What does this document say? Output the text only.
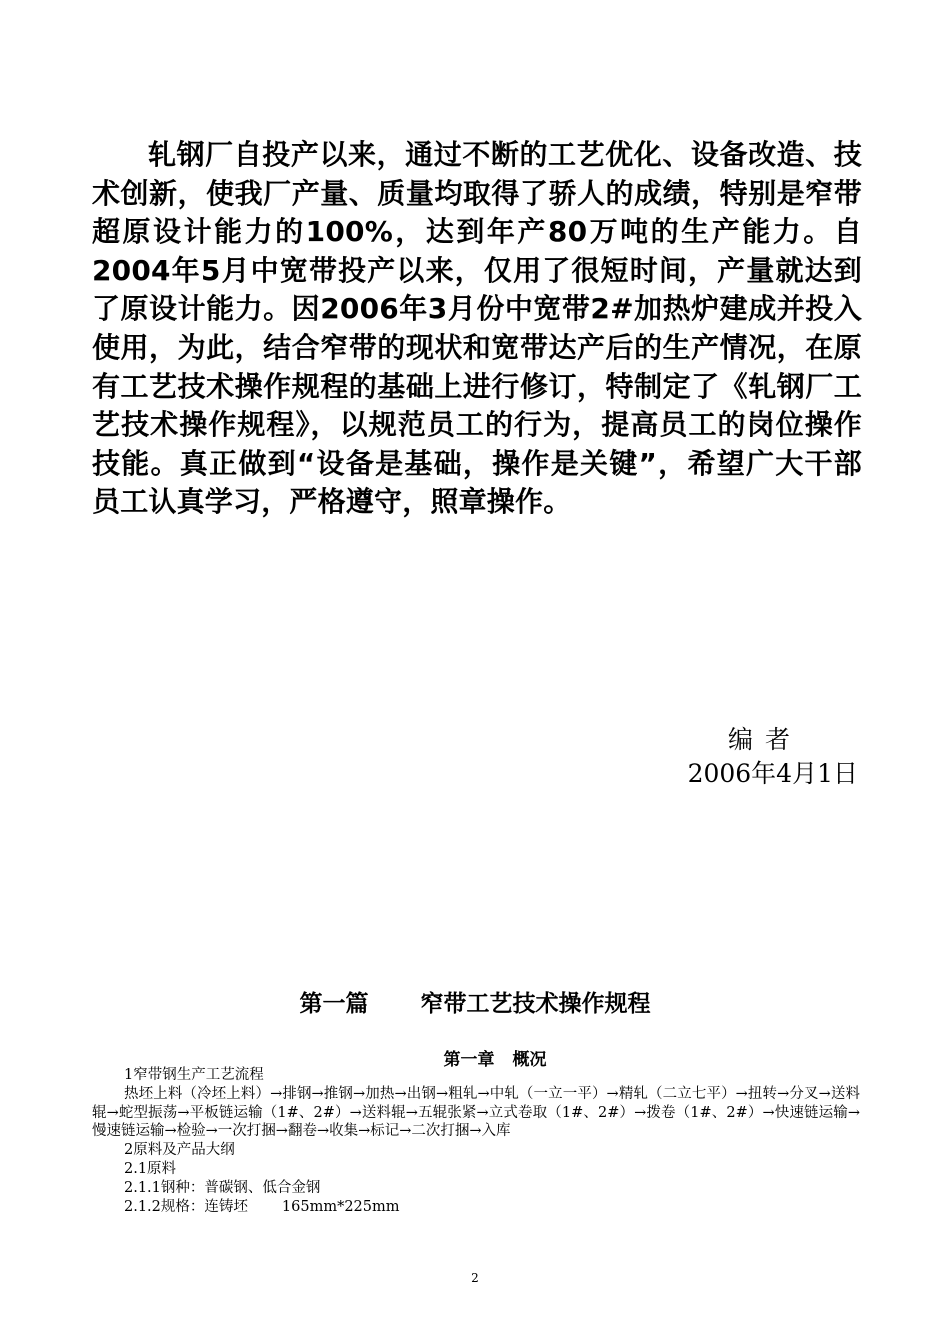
轧钢厂自投产以来，通过不断的工艺优化、设备改造、技术创新，使我厂产量、质量均取得了骄人的成绩，特别是窄带超原设计能力的100%，达到年产80万吨的生产能力。自2004年5月中宽带投产以来，仅用了很短时间，产量就达到了原设计能力。因2006年3月份中宽带2#加热炉建成并投入使用，为此，结合窄带的现状和宽带达产后的生产情况，在原有工艺技术操作规程的基础上进行修订，特制定了《轧钢厂工艺技术操作规程》，以规范员工的行为，提高员工的岗位操作技能。真正做到“设备是基础，操作是关键”，希望广大干部员工认真学习，严格遵守，照章操作。

编者
2006年4月1日
第一篇 窄带工艺技术操作规程
第一章 概况

1窄带钢生产工艺流程

热坯上料（冷坯上料）→排钢→推钢→加热→出钢→粗轧→中轧（一立一平）→精轧（二立七平）→扭转→分叉→送料辊→蛇型振荡→平板链运输（1#、2#）→送料辊→五辊张紧→立式卷取（1#、2#）→拨卷（1#、2#）→快速链运输→慢速链运输→检验→一次打捆→翻卷→收集→标记→二次打捆→入库

2原料及产品大纲

2.1原料

2.1.1钢种：普碳钢、低合金钢

2.1.2规格：连铸坯 165mm*225mm

2
